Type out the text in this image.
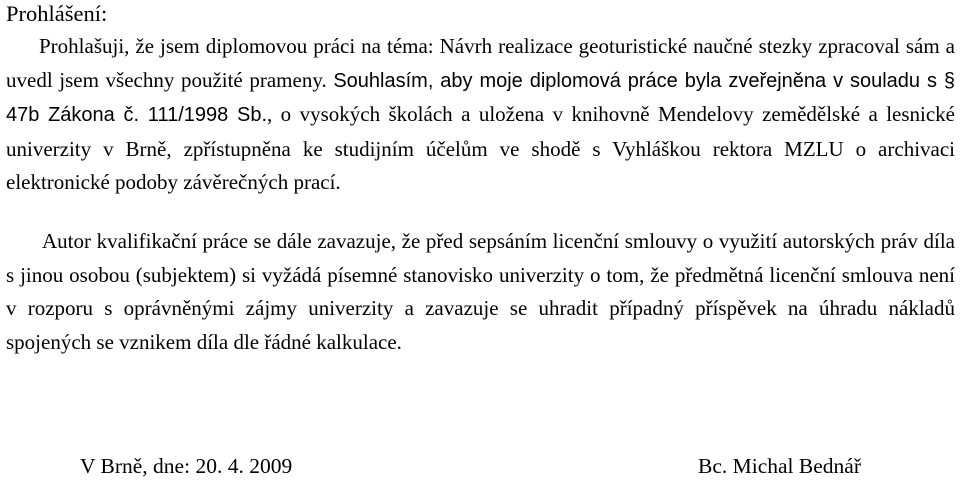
Prohlášení:

Prohlašuji, že jsem diplomovou práci na téma: Návrh realizace geoturistické naučné stezky zpracoval sám a uvedl jsem všechny použité prameny. Souhlasím, aby moje diplomová práce byla zveřejněna v souladu s § 47b Zákona č. 111/1998 Sb., o vysokých školách a uložena v knihovně Mendelovy zemědělské a lesnické univerzity v Brně, zpřístupněna ke studijním účelům ve shodě s Vyhláškou rektora MZLU o archivaci elektronické podoby závěrečných prací.

Autor kvalifikační práce se dále zavazuje, že před sepsáním licenční smlouvy o využití autorských práv díla s jinou osobou (subjektem) si vyžádá písemné stanovisko univerzity o tom, že předmětná licenční smlouva není v rozporu s oprávněnými zájmy univerzity a zavazuje se uhradit případný příspěvek na úhradu nákladů spojených se vznikem díla dle řádné kalkulace.

V Brně, dne: 20. 4. 2009	Bc. Michal Bednář
